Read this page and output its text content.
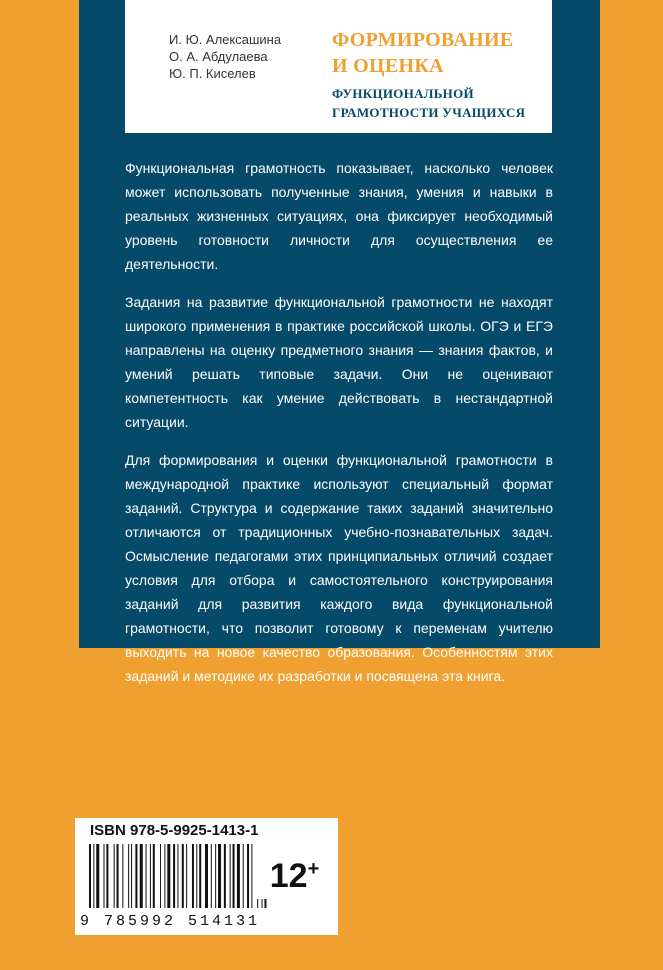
И. Ю. Алексашина
О. А. Абдулаева
Ю. П. Киселев
ФОРМИРОВАНИЕ
И ОЦЕНКА
ФУНКЦИОНАЛЬНОЙ
ГРАМОТНОСТИ УЧАЩИХСЯ

Функциональная грамотность показывает, насколько человек может использовать полученные знания, умения и навыки в реальных жизненных ситуациях, она фиксирует необходимый уровень готовности личности для осуществления ее деятельности.

Задания на развитие функциональной грамотности не находят широкого применения в практике российской школы. ОГЭ и ЕГЭ направлены на оценку предметного знания — знания фактов, и умений решать типовые задачи. Они не оценивают компетентность как умение действовать в нестандартной ситуации.

Для формирования и оценки функциональной грамотности в международной практике используют специальный формат заданий. Структура и содержание таких заданий значительно отличаются от традиционных учебно-познавательных задач. Осмысление педагогами этих принципиальных отличий создает условия для отбора и самостоятельного конструирования заданий для развития каждого вида функциональной грамотности, что позволит готовому к переменам учителю выходить на новое качество образования. Особенностям этих заданий и методике их разработки и посвящена эта книга.

ISBN 978-5-9925-1413-1
9 785992 514131
12+
